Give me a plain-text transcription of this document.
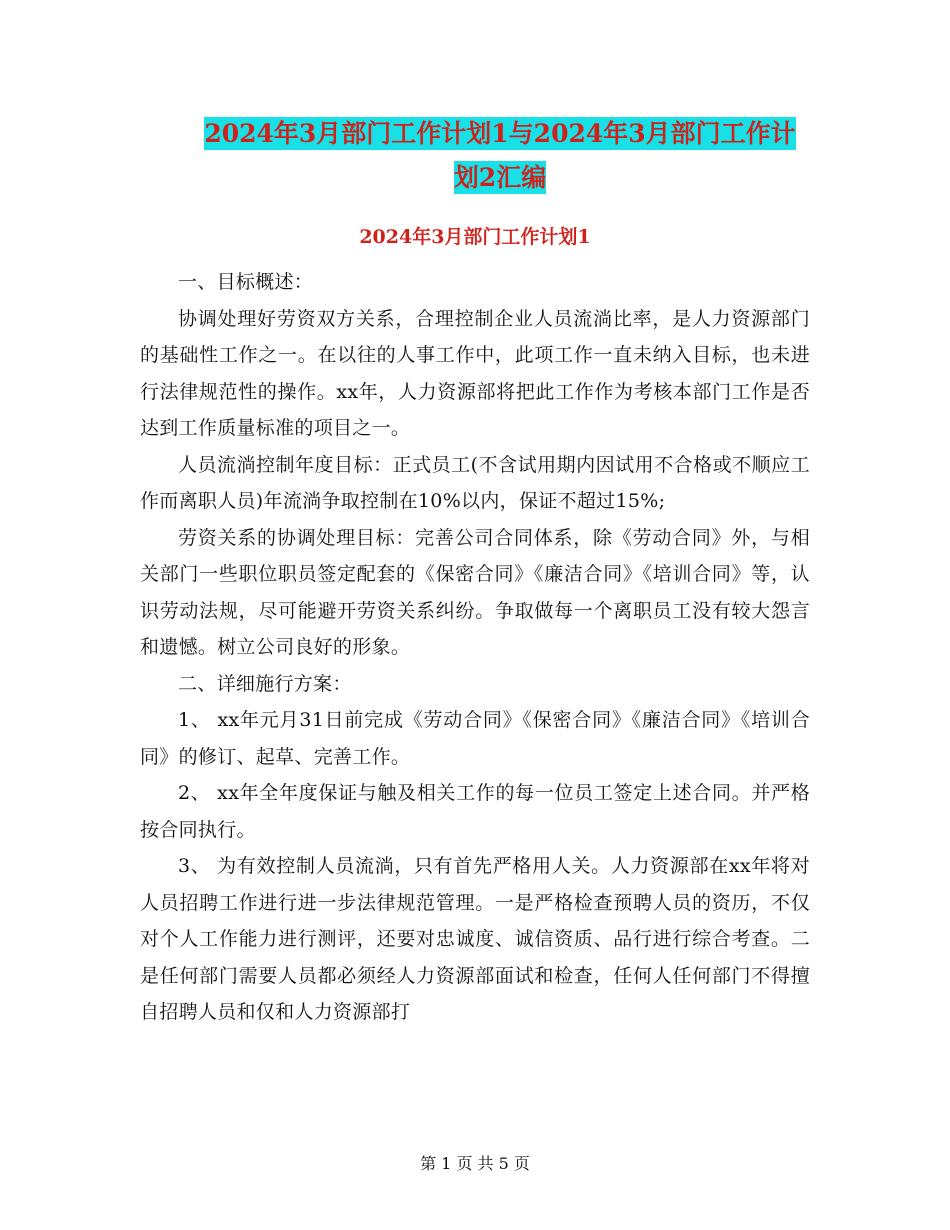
2024年3月部门工作计划1与2024年3月部门工作计
划2汇编
2024年3月部门工作计划1

一、目标概述：

协调处理好劳资双方关系，合理控制企业人员流淌比率，是人力资源部门的基础性工作之一。在以往的人事工作中，此项工作一直未纳入目标，也未进行法律规范性的操作。xx年，人力资源部将把此工作作为考核本部门工作是否达到工作质量标准的项目之一。

人员流淌控制年度目标：正式员工(不含试用期内因试用不合格或不顺应工作而离职人员)年流淌争取控制在10%以内，保证不超过15%;

劳资关系的协调处理目标：完善公司合同体系，除《劳动合同》外，与相关部门一些职位职员签定配套的《保密合同》《廉洁合同》《培训合同》等，认识劳动法规，尽可能避开劳资关系纠纷。争取做每一个离职员工没有较大怨言和遗憾。树立公司良好的形象。

二、详细施行方案：

1、 xx年元月31日前完成《劳动合同》《保密合同》《廉洁合同》《培训合同》的修订、起草、完善工作。

2、 xx年全年度保证与触及相关工作的每一位员工签定上述合同。并严格按合同执行。

3、 为有效控制人员流淌，只有首先严格用人关。人力资源部在xx年将对人员招聘工作进行进一步法律规范管理。一是严格检查预聘人员的资历，不仅对个人工作能力进行测评，还要对忠诚度、诚信资质、品行进行综合考查。二是任何部门需要人员都必须经人力资源部面试和检查，任何人任何部门不得擅自招聘人员和仅和人力资源部打

第 1 页 共 5 页
